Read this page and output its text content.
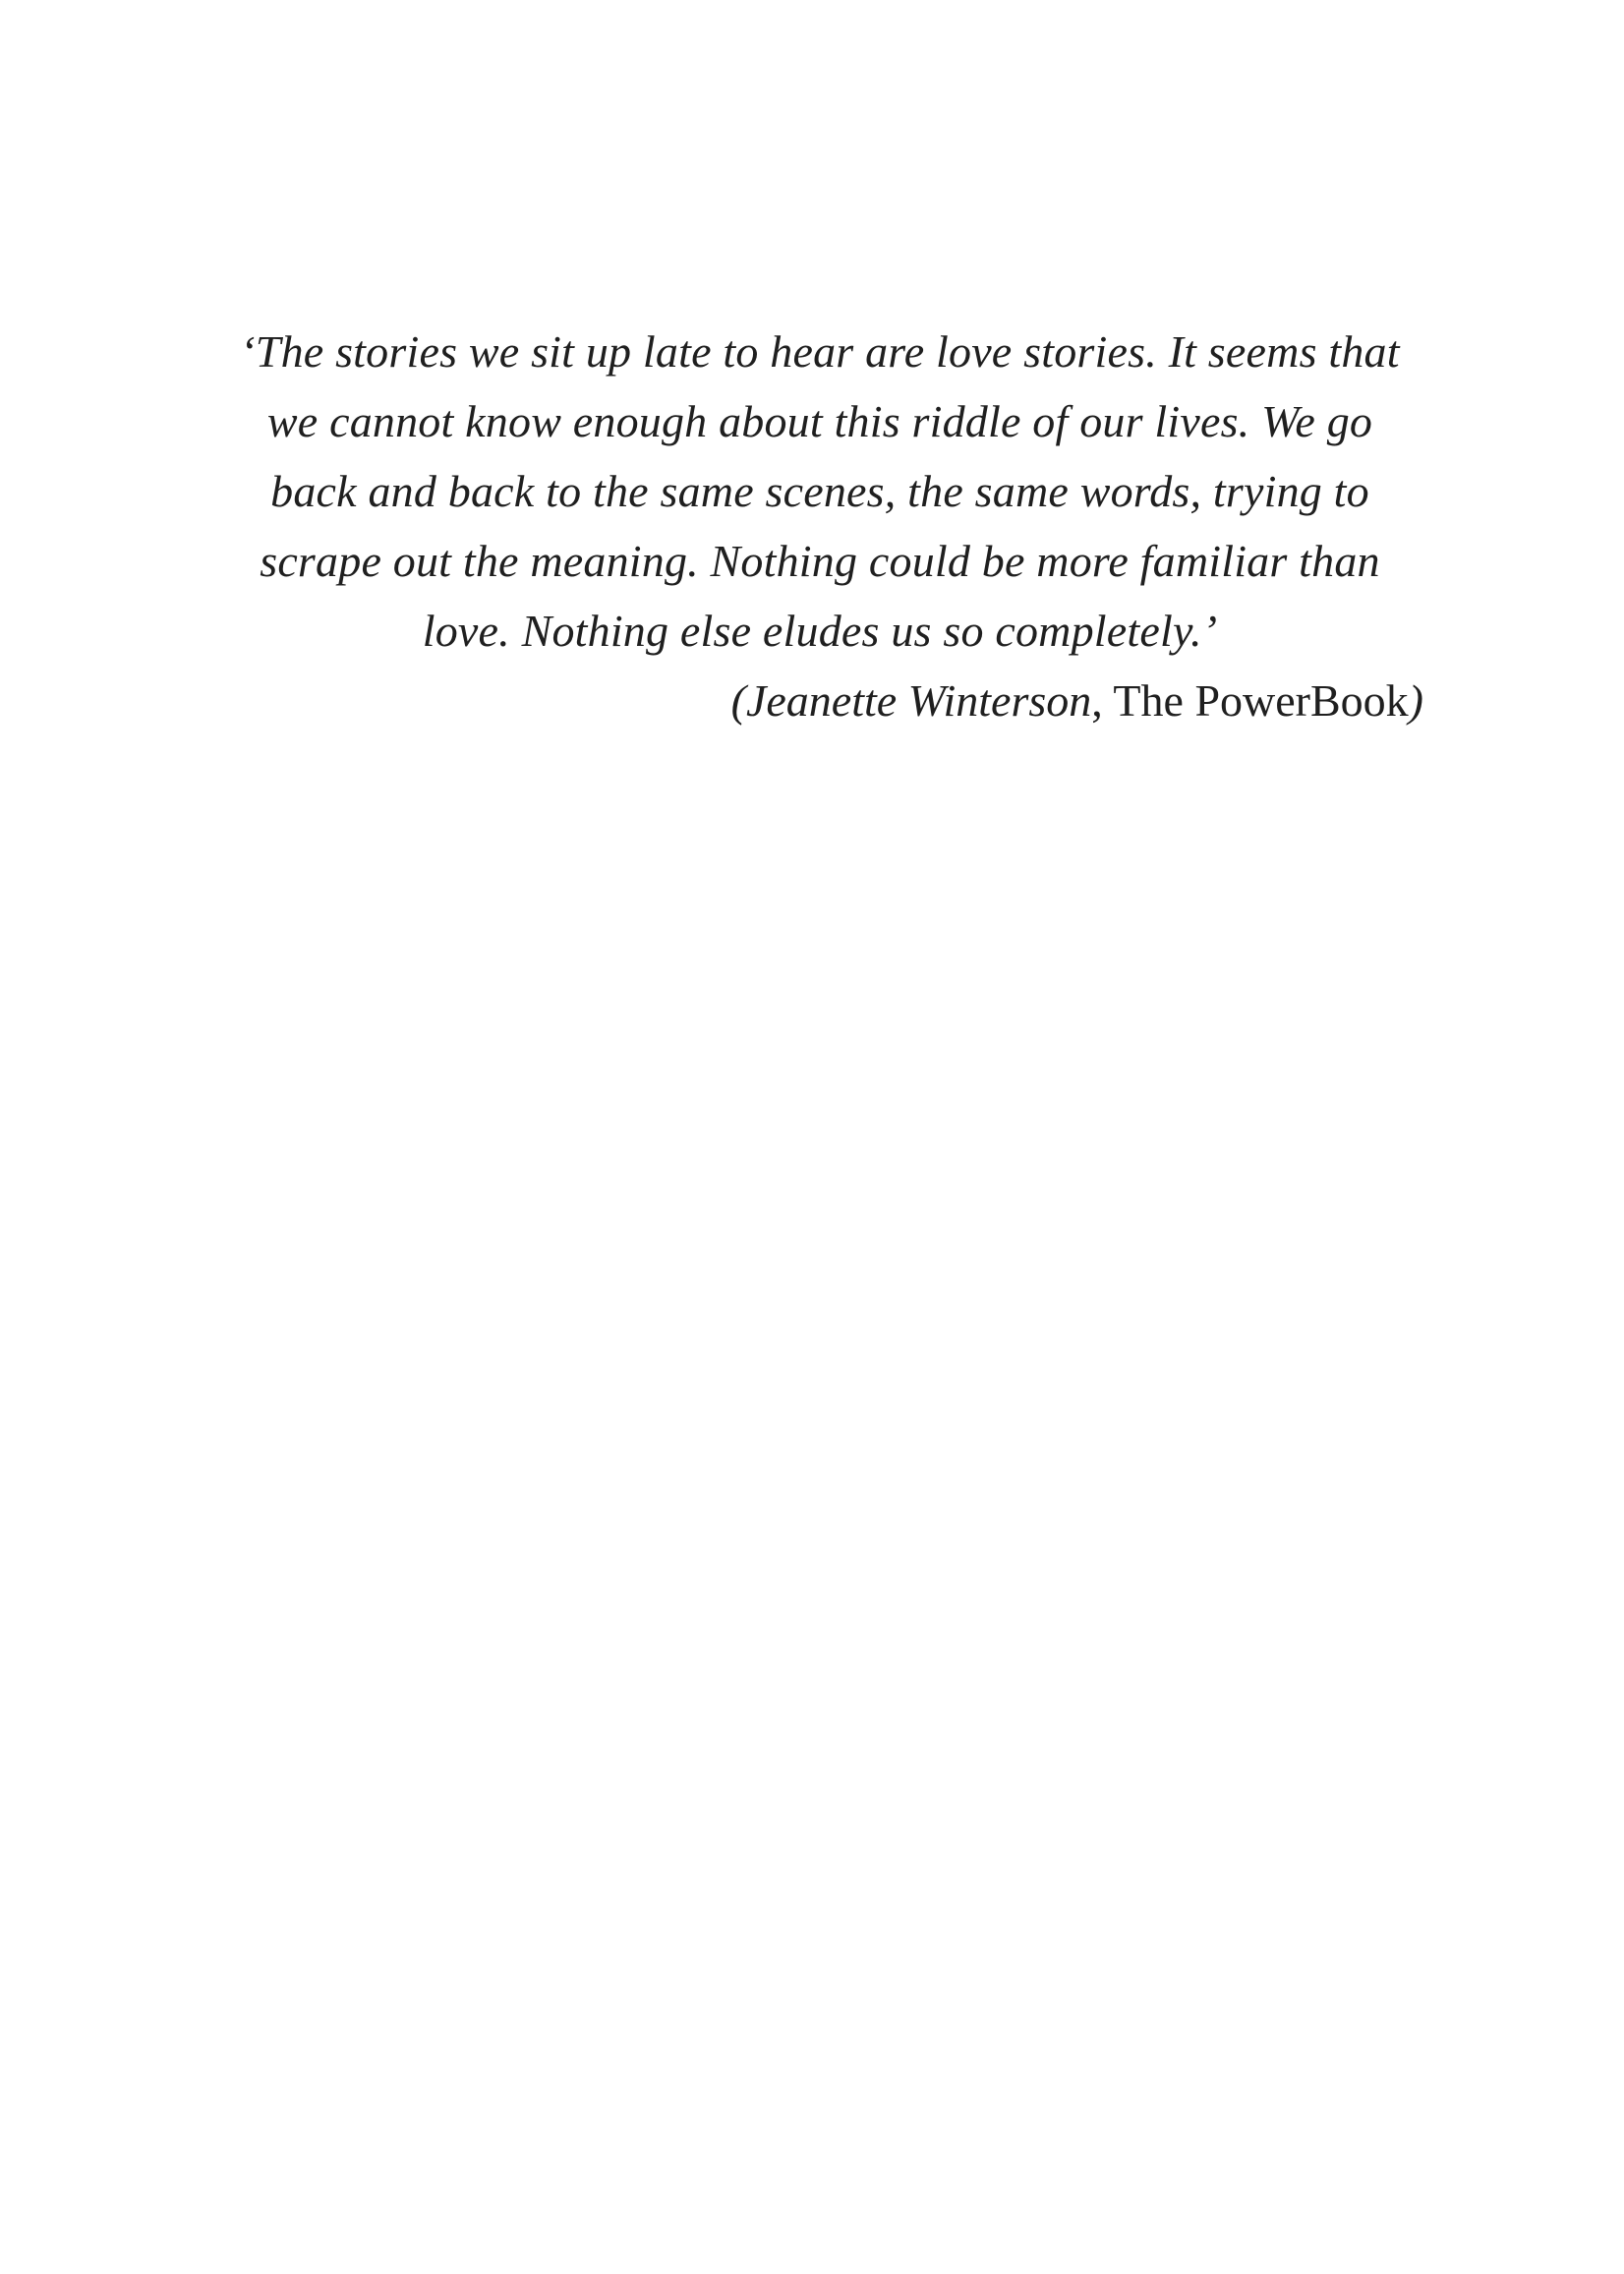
‘The stories we sit up late to hear are love stories. It seems that
we cannot know enough about this riddle of our lives. We go
back and back to the same scenes, the same words, trying to
scrape out the meaning. Nothing could be more familiar than
love. Nothing else eludes us so completely.’

(Jeanette Winterson, The PowerBook)
